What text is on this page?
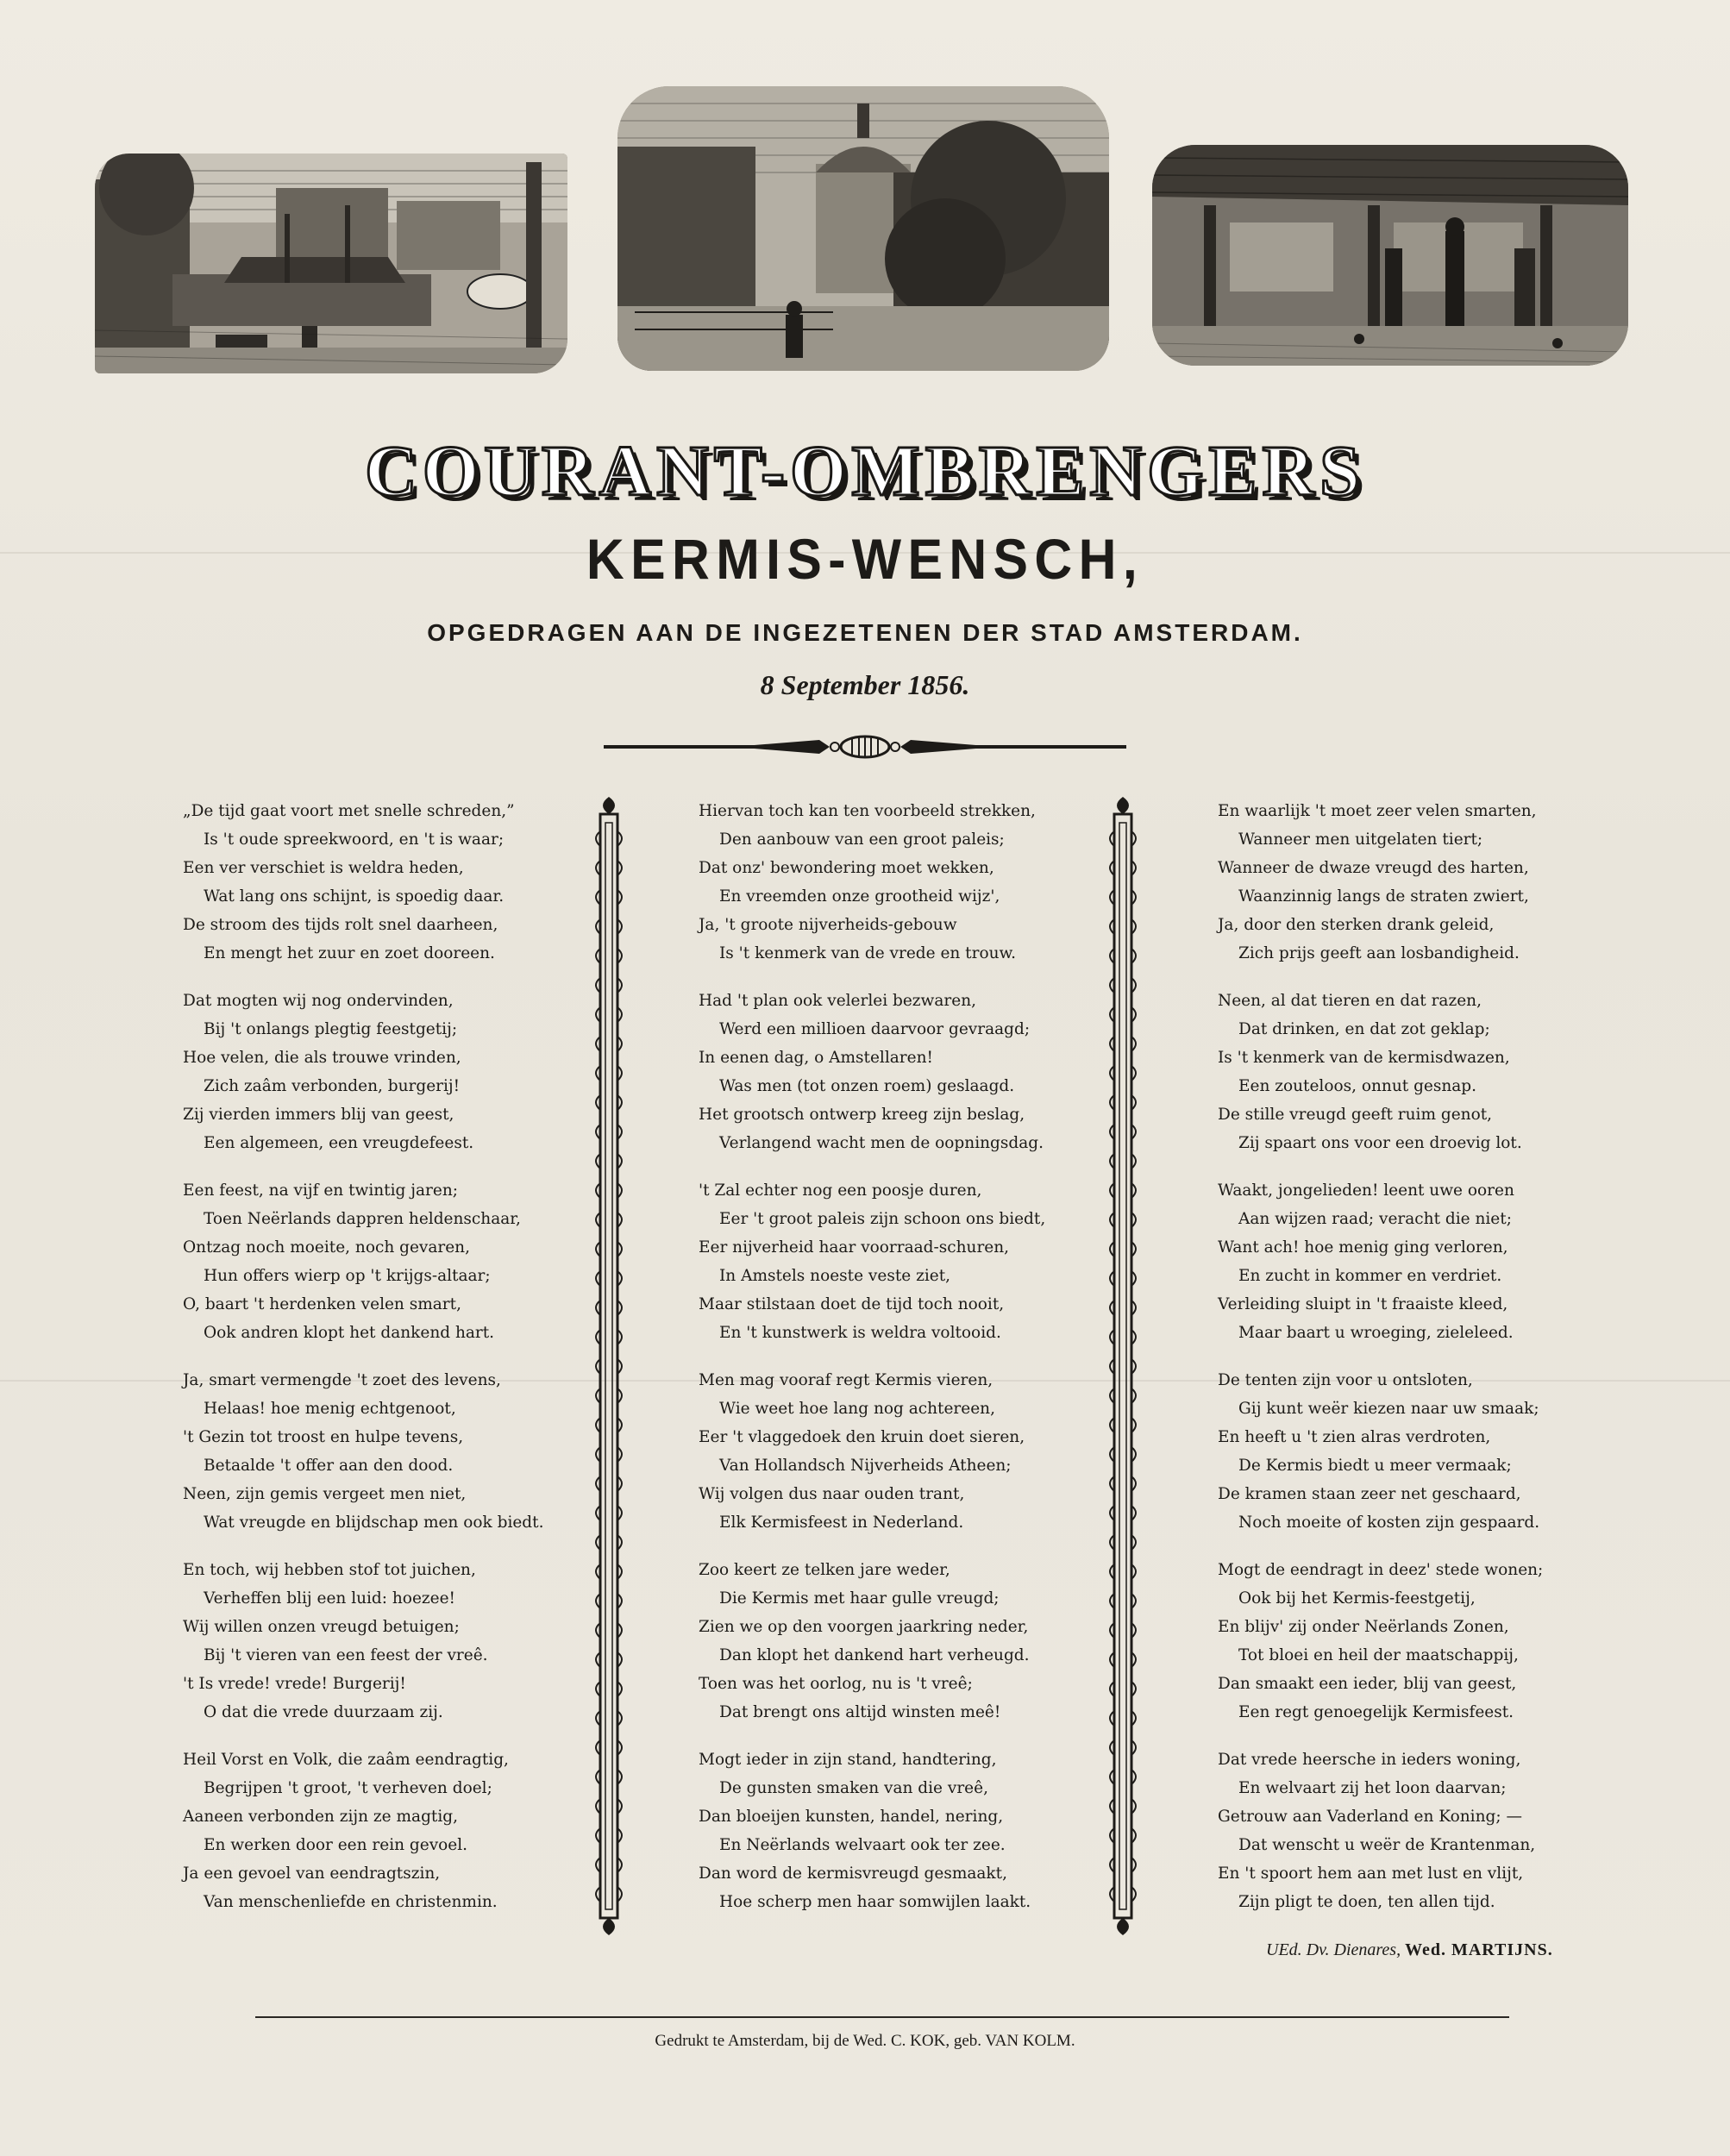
COURANT-OMBRENGERS
KERMIS-WENSCH,
OPGEDRAGEN AAN DE INGEZETENEN DER STAD AMSTERDAM.
8 September 1856.
„De tijd gaat voort met snelle schreden,”
Is 't oude spreekwoord, en 't is waar;
Een ver verschiet is weldra heden,
Wat lang ons schijnt, is spoedig daar.
De stroom des tijds rolt snel daarheen,
En mengt het zuur en zoet dooreen.
Dat mogten wij nog ondervinden,
Bij 't onlangs plegtig feestgetij;
Hoe velen, die als trouwe vrinden,
Zich zaâm verbonden, burgerij!
Zij vierden immers blij van geest,
Een algemeen, een vreugdefeest.
Een feest, na vijf en twintig jaren;
Toen Neërlands dappren heldenschaar,
Ontzag noch moeite, noch gevaren,
Hun offers wierp op 't krijgs-altaar;
O, baart 't herdenken velen smart,
Ook andren klopt het dankend hart.
Ja, smart vermengde 't zoet des levens,
Helaas! hoe menig echtgenoot,
't Gezin tot troost en hulpe tevens,
Betaalde 't offer aan den dood.
Neen, zijn gemis vergeet men niet,
Wat vreugde en blijdschap men ook biedt.
En toch, wij hebben stof tot juichen,
Verheffen blij een luid: hoezee!
Wij willen onzen vreugd betuigen;
Bij 't vieren van een feest der vreê.
't Is vrede! vrede! Burgerij!
O dat die vrede duurzaam zij.
Heil Vorst en Volk, die zaâm eendragtig,
Begrijpen 't groot, 't verheven doel;
Aaneen verbonden zijn ze magtig,
En werken door een rein gevoel.
Ja een gevoel van eendragtszin,
Van menschenliefde en christenmin.
Hiervan toch kan ten voorbeeld strekken,
Den aanbouw van een groot paleis;
Dat onz' bewondering moet wekken,
En vreemden onze grootheid wijz',
Ja, 't groote nijverheids-gebouw
Is 't kenmerk van de vrede en trouw.
Had 't plan ook velerlei bezwaren,
Werd een millioen daarvoor gevraagd;
In eenen dag, o Amstellaren!
Was men (tot onzen roem) geslaagd.
Het grootsch ontwerp kreeg zijn beslag,
Verlangend wacht men de oopningsdag.
't Zal echter nog een poosje duren,
Eer 't groot paleis zijn schoon ons biedt,
Eer nijverheid haar voorraad-schuren,
In Amstels noeste veste ziet,
Maar stilstaan doet de tijd toch nooit,
En 't kunstwerk is weldra voltooid.
Men mag vooraf regt Kermis vieren,
Wie weet hoe lang nog achtereen,
Eer 't vlaggedoek den kruin doet sieren,
Van Hollandsch Nijverheids Atheen;
Wij volgen dus naar ouden trant,
Elk Kermisfeest in Nederland.
Zoo keert ze telken jare weder,
Die Kermis met haar gulle vreugd;
Zien we op den voorgen jaarkring neder,
Dan klopt het dankend hart verheugd.
Toen was het oorlog, nu is 't vreê;
Dat brengt ons altijd winsten meê!
Mogt ieder in zijn stand, handtering,
De gunsten smaken van die vreê,
Dan bloeijen kunsten, handel, nering,
En Neërlands welvaart ook ter zee.
Dan word de kermisvreugd gesmaakt,
Hoe scherp men haar somwijlen laakt.
En waarlijk 't moet zeer velen smarten,
Wanneer men uitgelaten tiert;
Wanneer de dwaze vreugd des harten,
Waanzinnig langs de straten zwiert,
Ja, door den sterken drank geleid,
Zich prijs geeft aan losbandigheid.
Neen, al dat tieren en dat razen,
Dat drinken, en dat zot geklap;
Is 't kenmerk van de kermisdwazen,
Een zouteloos, onnut gesnap.
De stille vreugd geeft ruim genot,
Zij spaart ons voor een droevig lot.
Waakt, jongelieden! leent uwe ooren
Aan wijzen raad; veracht die niet;
Want ach! hoe menig ging verloren,
En zucht in kommer en verdriet.
Verleiding sluipt in 't fraaiste kleed,
Maar baart u wroeging, zieleleed.
De tenten zijn voor u ontsloten,
Gij kunt weër kiezen naar uw smaak;
En heeft u 't zien alras verdroten,
De Kermis biedt u meer vermaak;
De kramen staan zeer net geschaard,
Noch moeite of kosten zijn gespaard.
Mogt de eendragt in deez' stede wonen;
Ook bij het Kermis-feestgetij,
En blijv' zij onder Neërlands Zonen,
Tot bloei en heil der maatschappij,
Dan smaakt een ieder, blij van geest,
Een regt genoegelijk Kermisfeest.
Dat vrede heersche in ieders woning,
En welvaart zij het loon daarvan;
Getrouw aan Vaderland en Koning; —
Dat wenscht u weër de Krantenman,
En 't spoort hem aan met lust en vlijt,
Zijn pligt te doen, ten allen tijd.
UEd. Dv. Dienares, Wed. MARTIJNS.
Gedrukt te Amsterdam, bij de Wed. C. KOK, geb. VAN KOLM.
